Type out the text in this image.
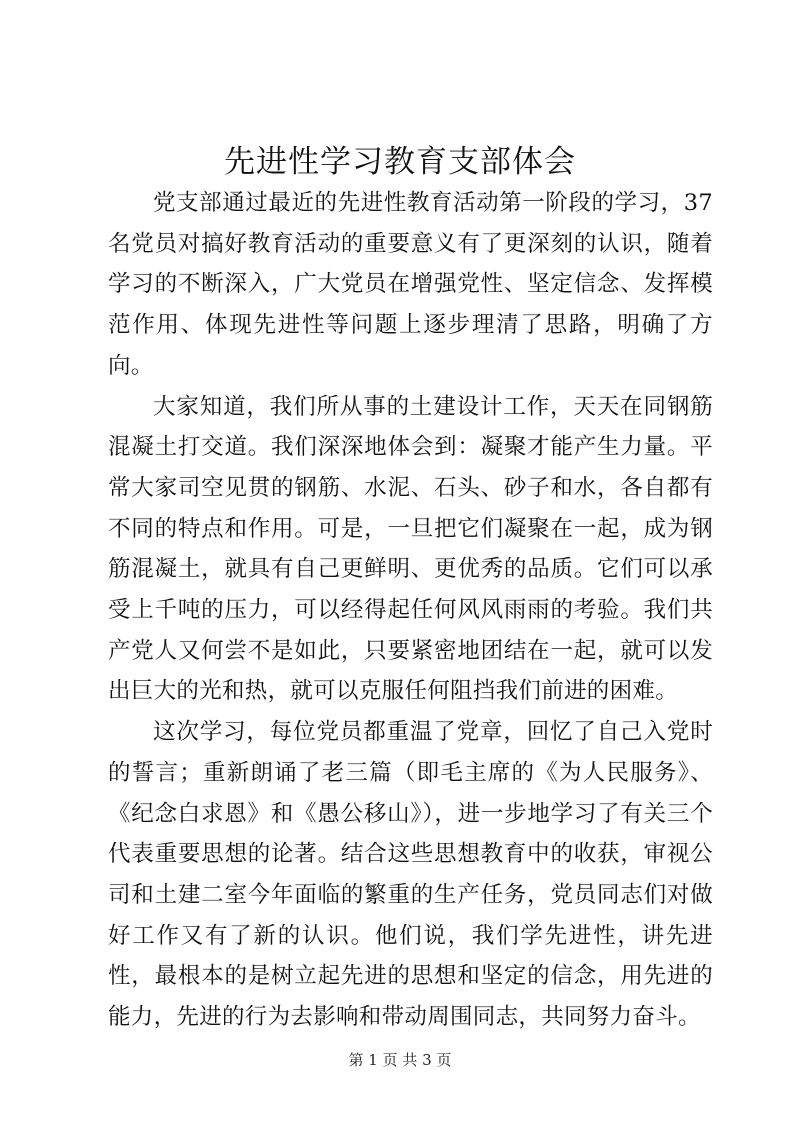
先进性学习教育支部体会

党支部通过最近的先进性教育活动第一阶段的学习，37名党员对搞好教育活动的重要意义有了更深刻的认识，随着学习的不断深入，广大党员在增强党性、坚定信念、发挥模范作用、体现先进性等问题上逐步理清了思路，明确了方向。

大家知道，我们所从事的土建设计工作，天天在同钢筋混凝土打交道。我们深深地体会到：凝聚才能产生力量。平常大家司空见贯的钢筋、水泥、石头、砂子和水，各自都有不同的特点和作用。可是，一旦把它们凝聚在一起，成为钢筋混凝土，就具有自己更鲜明、更优秀的品质。它们可以承受上千吨的压力，可以经得起任何风风雨雨的考验。我们共产党人又何尝不是如此，只要紧密地团结在一起，就可以发出巨大的光和热，就可以克服任何阻挡我们前进的困难。

这次学习，每位党员都重温了党章，回忆了自己入党时的誓言；重新朗诵了老三篇（即毛主席的《为人民服务》、《纪念白求恩》和《愚公移山》），进一步地学习了有关三个代表重要思想的论著。结合这些思想教育中的收获，审视公司和土建二室今年面临的繁重的生产任务，党员同志们对做好工作又有了新的认识。他们说，我们学先进性，讲先进性，最根本的是树立起先进的思想和坚定的信念，用先进的能力，先进的行为去影响和带动周围同志，共同努力奋斗。

第 1 页 共 3 页
